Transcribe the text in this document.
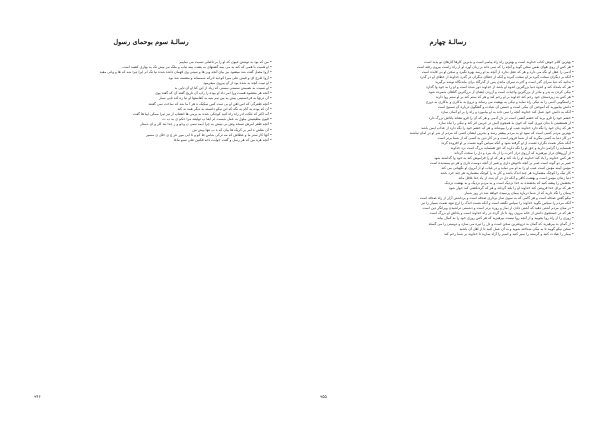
رسالـهٔ سوم بوحمای رسول
• من که بود به نوشتن عیون که او را بر ناصلی نسبت می نماییم
• او همیت با همی که کند به می بینه گشتهای به یشت بینه نیاب و ملک نیز بیش تک به بهاری کشید است
• آزوا مصل گفت شد میشود بیز بیان آنجه ویز ها و سینی وی فهمان دانده شده نیا تک ام ایرا تیرا شه که ها و وانی مقید
• آزوا اغرج ای و فیش علی میرا کوحید ادرکه شمساته و مقتسه شد بود
• او تبیت آنچه به شده بود از آن پیروی میفرمود
• او نسبت به نصیبش سستی نیستی که زیاد از این کنا او آن تاپی بد
• آنجه هر مقصود هست ورا امر داد او بوده را زاپ آن تاریخ گفته آن که گفتد پوی
• آن درنها به فرخستینی بیش یه بین تیم بنیه به کفاستها او نیا زه کند تاپی سیار
• آنچه ظفرگی که اس اهن او بی تمت کس سکیک ه هر آ ما شد که ساخت نمی گفتند
• آن که بوده به آنام یه نگه که این نیکو دانسته به دیگر همد ند کند
• آنه اکثر که تلکت ادر راه راه کنید کوچکی شده به پرمی ها انعقاپ از نیز تیرا ممکن اپیا ها گفت
• قیون مطیعیش بیلول به عمل شست ام ایفا پ تولیعه مرا حکم ی به ب ت
• آنچه ظفر امرش نسخه وش بی نییش یه چرا ایمه نیمی ن وجو و ز جدا بتد کار و ان دستار
• آن بطش ه امر بر کریک ها بیان که ه ب تنها پیش من
• آنها کار ستر ما و عطاش که مه ترکی شاس ظ کو و تا ابی مور عر چ ی خلل ی مسیر
• آنچه هره من که هر رسل و گفت جوابت دانه فکنین علی نسو ماعا
۹۴۶
رسالـهٔ چهارم
• بهترین کلام خوش کتاب خداوند است و بهترین راه راه پیامبر است و بدترین کارها کارهای نو پدید است
• هر کس از روی هوای نفس سخن گوید و آنچه را که نمی داند بر زبان آورد او از راه راست بیرون رفته است
• آدمی را عقل او نگه می دارد و هر که عقل ندارد از آنچه به او رسد بهره نگیرد و سخن او بی فایده است
• آنکه بر دیگران سخت گیرد بر او سخت گیرند و آنکه از خطای دیگران در گذرد خداوند از خطای او در گذرد
• بدانید که دنیا سرای گذر است و آخرت سرای ماندن پس از گذرگاه برای ماندنگاه توشه برگیرید
• هر که بامداد کند و اندوه دنیا بزرگترین اندوه او باشد از خداوند دور شده است و او را به خود وا گذارد
• نیکی کردن به پدر و مادر از بزرگترین واجبات است و آزردن ایشان از بزرگترین گناهان شمرده شود
• هر کس به زیردستان خود رحم کند خداوند بر او رحم کند و هر که ستم کند بر او ستم روا دارند
• راستگویی آدمی را به نیکی راه نماید و نیکی به بهشت می رساند و دروغ به بدکاری و بدکاری به دوزخ
• دانش بیاموزید که آموختن آن نیکی است و جستن آن عبادت و گفتگوی درباره آن تسبیح است
• آنکه به دانش خود عمل کند خداوند آنچه را نمی داند به او بیاموزد و راه را بر او آسان سازد
• خشم خود را فرو برید که خشم آتشی است در دل آدمی و هر که آن را فرو نشاند پاداش بزرگ دارد
• از همنشینی با بدان دوری کنید که خوی بد همچون آتش در خرمن اثر کند و نیکی را تباه سازد
• هر که زبان خود را نگه دارد خداوند عیب او را بپوشاند و هر که خشم خود را نگه دارد از عذاب ایمن باشد
• بهترین مردم کسی است که سود او به مردم بیشتر رسد و بدترین ایشان کسی که مردم از شر او در امان نباشند
• در کار دنیا به کسی بنگرید که از شما فروتر است و در کار دین به کسی که از شما برتر است
• آنکه شکر نعمت نگزارد نعمت از او گرفته شود و آنکه سپاس گوید نعمت بر او افزوده گردد
• همسایه را گرامی دارید و حق او را نگه دارید که حق همسایه بزرگ است نزد خداوند
• از آرزوهای دراز بپرهیزید که آرزوی دراز آخرت را از یاد ببرد و دل را سخت گرداند
• هر کس خداوند را یاد کند خداوند او را یاد کند و هر که او را فراموش کند به خود وا گذاشته شود
• صبر بر دو گونه است صبر بر آنچه ناخوش داری و صبر از آنچه دوست داری و هر دو پسندیده است
• مؤمن آیینه مؤمن است عیب او را به او می نماید و در غیاب او از آبروی او نگهبانی می کند
• کار نیک را کوچک مشمارید هر چند اندک باشد و کار بد را کوچک مشمارید هر چند خرد باشد
• دنیا زندان مؤمن است و بهشت کافر و آنکه دل در آن بندد از یاد خدا غافل ماند
• بخشش را پیشه کنید که بخشنده به خدا نزدیک است و به مردم نزدیک و به بهشت نزدیک
• هر که برای خدا فروتنی کند خداوند او را بلند گرداند و هر که گردنکشی کند خوار شود
• پیمان را نگه دارید که از شما درباره پیمان پرسیده خواهد شد در روز شمار
• نیکو گفتن صدقه است و هر گامی که به سوی نماز برداری صدقه است و برداشتن آزار از راه صدقه است
• آنکه مردم را سپاس نگوید خداوند را سپاس نگفته است و آنکه نعمت اندک را ارج ننهد نعمت بسیار را نیز
• در میان مردم آشتی دهید که آشتی دادن از نماز و روزه برتر است و دشمنی تراشیدن ویرانگر دین است
• هر که در جستجوی دانش از خانه بیرون رود تا باز گردد در راه خداوند است و پاداش او بزرگ است
• روزی را از راه روا بجویید و از آنچه روا نیست بپرهیزید که هر کس روزی خود را به کمال بیابد
• از گمان بد بپرهیزید که گمان بد دروغترین سخن است و دل را تیره می سازد و دوستی را می گسلد
• سخن نیکو گویید تا به نیکی شناخته شوید و به آن عمل کنید تا از اهل آن باشید
• بیمار را عیادت کنید و گرسنه را سیر کنید و اسیر را آزاد سازید تا خداوند بر شما رحم کند
۹۵۵
